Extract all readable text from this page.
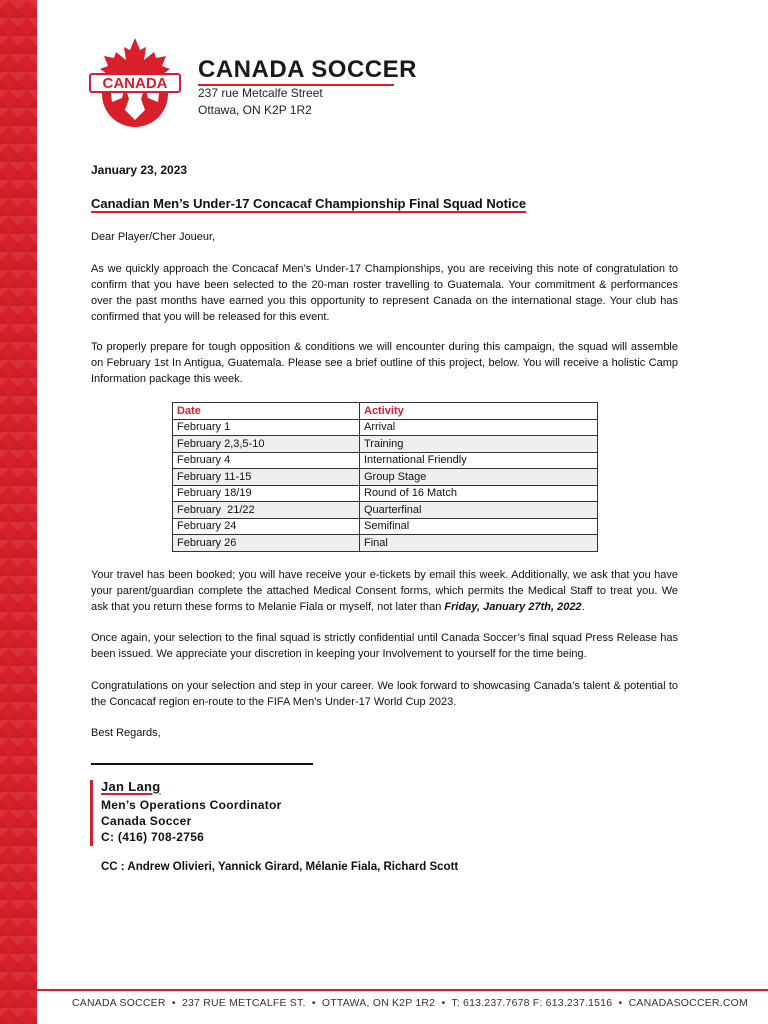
CANADA
CANADA SOCCER
237 rue Metcalfe Street
Ottawa, ON K2P 1R2
January 23, 2023
Canadian Men’s Under-17 Concacaf Championship Final Squad Notice
Dear Player/Cher Joueur,
As we quickly approach the Concacaf Men’s Under-17 Championships, you are receiving this note of congratulation to confirm that you have been selected to the 20-man roster travelling to Guatemala. Your commitment & performances over the past months have earned you this opportunity to represent Canada on the international stage. Your club has confirmed that you will be released for this event.
To properly prepare for tough opposition & conditions we will encounter during this campaign, the squad will assemble on February 1st In Antigua, Guatemala. Please see a brief outline of this project, below. You will receive a holistic Camp Information package this week.
Date	Activity
February 1	Arrival
February 2,3,5-10	Training
February 4	International Friendly
February 11-15	Group Stage
February 18/19	Round of 16 Match
February  21/22	Quarterfinal
February 24	Semifinal
February 26	Final
Your travel has been booked; you will have receive your e-tickets by email this week. Additionally, we ask that you have your parent/guardian complete the attached Medical Consent forms, which permits the Medical Staff to treat you. We ask that you return these forms to Melanie Fiala or myself, not later than Friday, January 27th, 2022.
Once again, your selection to the final squad is strictly confidential until Canada Soccer’s final squad Press Release has been issued. We appreciate your discretion in keeping your Involvement to yourself for the time being.
Congratulations on your selection and step in your career. We look forward to showcasing Canada’s talent & potential to the Concacaf region en-route to the FIFA Men’s Under-17 World Cup 2023.
Best Regards,
Jan Lang
Men’s Operations Coordinator
Canada Soccer
C: (416) 708-2756
CC : Andrew Olivieri, Yannick Girard, Mélanie Fiala, Richard Scott
CANADA SOCCER  •  237 RUE METCALFE ST.  •  OTTAWA, ON K2P 1R2  •  T: 613.237.7678 F: 613.237.1516  •  CANADASOCCER.COM
